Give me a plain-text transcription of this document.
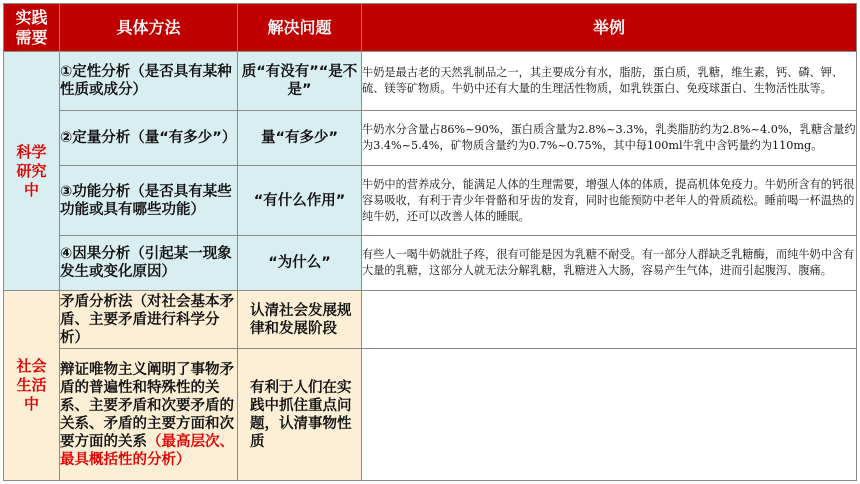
实践
需要	具体方法	解决问题	举例
科学
研究
中	①定性分析（是否具有某种性质或成分）	质“有没有”“是不是”	牛奶是最古老的天然乳制品之一，其主要成分有水，脂肪，蛋白质，乳糖，维生素，钙、磷、钾、硫、镁等矿物质。牛奶中还有大量的生理活性物质，如乳铁蛋白、免疫球蛋白、生物活性肽等。
	②定量分析（量“有多少”）	量“有多少”	牛奶水分含量占86%~90%，蛋白质含量为2.8%~3.3%，乳类脂肪约为2.8%~4.0%，乳糖含量约为3.4%~5.4%，矿物质含量约为0.7%~0.75%，其中每100ml牛乳中含钙量约为110mg。
	③功能分析（是否具有某些功能或具有哪些功能）	“有什么作用”	牛奶中的营养成分，能满足人体的生理需要，增强人体的体质，提高机体免疫力。牛奶所含有的钙很容易吸收，有利于青少年骨骼和牙齿的发育，同时也能预防中老年人的骨质疏松。睡前喝一杯温热的纯牛奶，还可以改善人体的睡眠。
	④因果分析（引起某一现象发生或变化原因）	“为什么”	有些人一喝牛奶就肚子疼，很有可能是因为乳糖不耐受。有一部分人群缺乏乳糖酶，而纯牛奶中含有大量的乳糖，这部分人就无法分解乳糖，乳糖进入大肠，容易产生气体，进而引起腹泻、腹痛。
社会
生活
中	矛盾分析法（对社会基本矛盾、主要矛盾进行科学分析）	认清社会发展规律和发展阶段	
	辩证唯物主义阐明了事物矛盾的普遍性和特殊性的关系、主要矛盾和次要矛盾的关系、矛盾的主要方面和次要方面的关系（最高层次、最具概括性的分析）	有利于人们在实践中抓住重点问题，认清事物性质	
